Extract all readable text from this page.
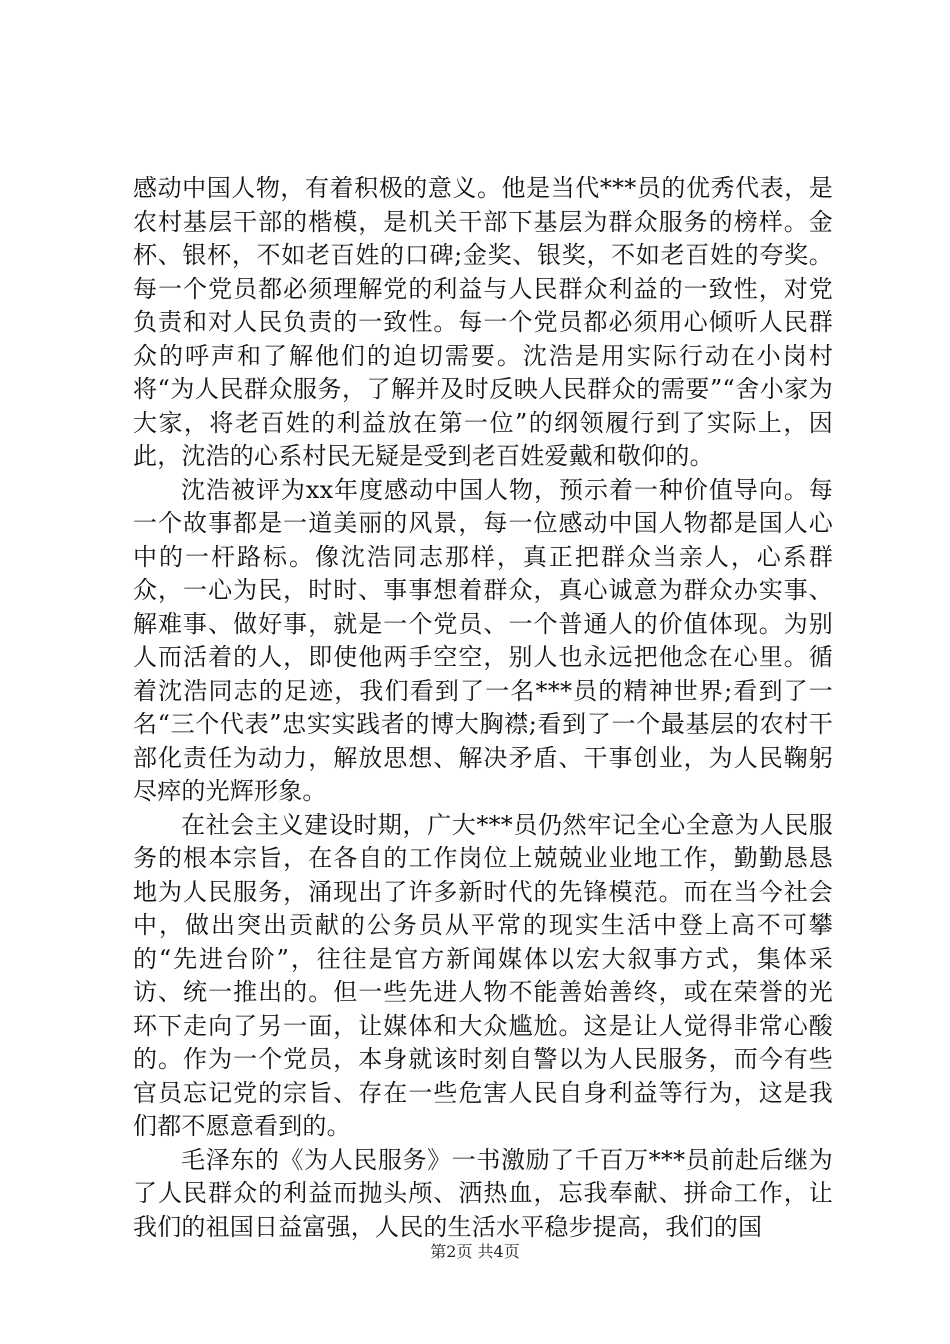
感动中国人物，有着积极的意义。他是当代***员的优秀代表，是农村基层干部的楷模，是机关干部下基层为群众服务的榜样。金杯、银杯，不如老百姓的口碑;金奖、银奖，不如老百姓的夸奖。每一个党员都必须理解党的利益与人民群众利益的一致性，对党负责和对人民负责的一致性。每一个党员都必须用心倾听人民群众的呼声和了解他们的迫切需要。沈浩是用实际行动在小岗村将“为人民群众服务，了解并及时反映人民群众的需要”“舍小家为大家，将老百姓的利益放在第一位”的纲领履行到了实际上，因此，沈浩的心系村民无疑是受到老百姓爱戴和敬仰的。

沈浩被评为xx年度感动中国人物，预示着一种价值导向。每一个故事都是一道美丽的风景，每一位感动中国人物都是国人心中的一杆路标。像沈浩同志那样，真正把群众当亲人，心系群众，一心为民，时时、事事想着群众，真心诚意为群众办实事、解难事、做好事，就是一个党员、一个普通人的价值体现。为别人而活着的人，即使他两手空空，别人也永远把他念在心里。循着沈浩同志的足迹，我们看到了一名***员的精神世界;看到了一名“三个代表”忠实实践者的博大胸襟;看到了一个最基层的农村干部化责任为动力，解放思想、解决矛盾、干事创业，为人民鞠躬尽瘁的光辉形象。

在社会主义建设时期，广大***员仍然牢记全心全意为人民服务的根本宗旨，在各自的工作岗位上兢兢业业地工作，勤勤恳恳地为人民服务，涌现出了许多新时代的先锋模范。而在当今社会中，做出突出贡献的公务员从平常的现实生活中登上高不可攀的“先进台阶”，往往是官方新闻媒体以宏大叙事方式，集体采访、统一推出的。但一些先进人物不能善始善终，或在荣誉的光环下走向了另一面，让媒体和大众尴尬。这是让人觉得非常心酸的。作为一个党员，本身就该时刻自警以为人民服务，而今有些官员忘记党的宗旨、存在一些危害人民自身利益等行为，这是我们都不愿意看到的。

毛泽东的《为人民服务》一书激励了千百万***员前赴后继为了人民群众的利益而抛头颅、洒热血，忘我奉献、拼命工作，让我们的祖国日益富强，人民的生活水平稳步提高，我们的国

第2页 共4页
